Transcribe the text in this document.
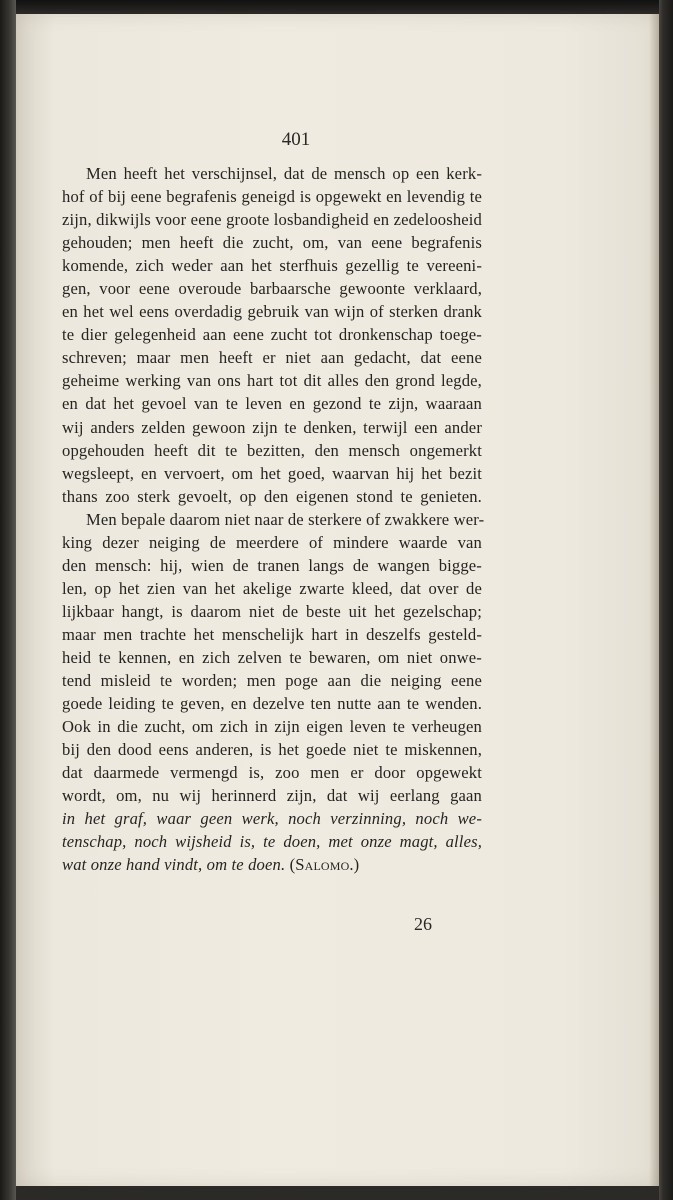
401
Men heeft het verschijnsel, dat de mensch op een kerk-
hof of bij eene begrafenis geneigd is opgewekt en levendig te
zijn, dikwijls voor eene groote losbandigheid en zedeloosheid
gehouden; men heeft die zucht, om, van eene begrafenis
komende, zich weder aan het sterfhuis gezellig te vereeni-
gen, voor eene overoude barbaarsche gewoonte verklaard,
en het wel eens overdadig gebruik van wijn of sterken drank
te dier gelegenheid aan eene zucht tot dronkenschap toege-
schreven; maar men heeft er niet aan gedacht, dat eene
geheime werking van ons hart tot dit alles den grond legde,
en dat het gevoel van te leven en gezond te zijn, waaraan
wij anders zelden gewoon zijn te denken, terwijl een ander
opgehouden heeft dit te bezitten, den mensch ongemerkt
wegsleept, en vervoert, om het goed, waarvan hij het bezit
thans zoo sterk gevoelt, op den eigenen stond te genieten.
Men bepale daarom niet naar de sterkere of zwakkere wer-
king dezer neiging de meerdere of mindere waarde van
den mensch: hij, wien de tranen langs de wangen bigge-
len, op het zien van het akelige zwarte kleed, dat over de
lijkbaar hangt, is daarom niet de beste uit het gezelschap;
maar men trachte het menschelijk hart in deszelfs gesteld-
heid te kennen, en zich zelven te bewaren, om niet onwe-
tend misleid te worden; men poge aan die neiging eene
goede leiding te geven, en dezelve ten nutte aan te wenden.
Ook in die zucht, om zich in zijn eigen leven te verheugen
bij den dood eens anderen, is het goede niet te miskennen,
dat daarmede vermengd is, zoo men er door opgewekt
wordt, om, nu wij herinnerd zijn, dat wij eerlang gaan
in het graf, waar geen werk, noch verzinning, noch we-
tenschap, noch wijsheid is, te doen, met onze magt, alles,
wat onze hand vindt, om te doen. (Salomo.)
26
